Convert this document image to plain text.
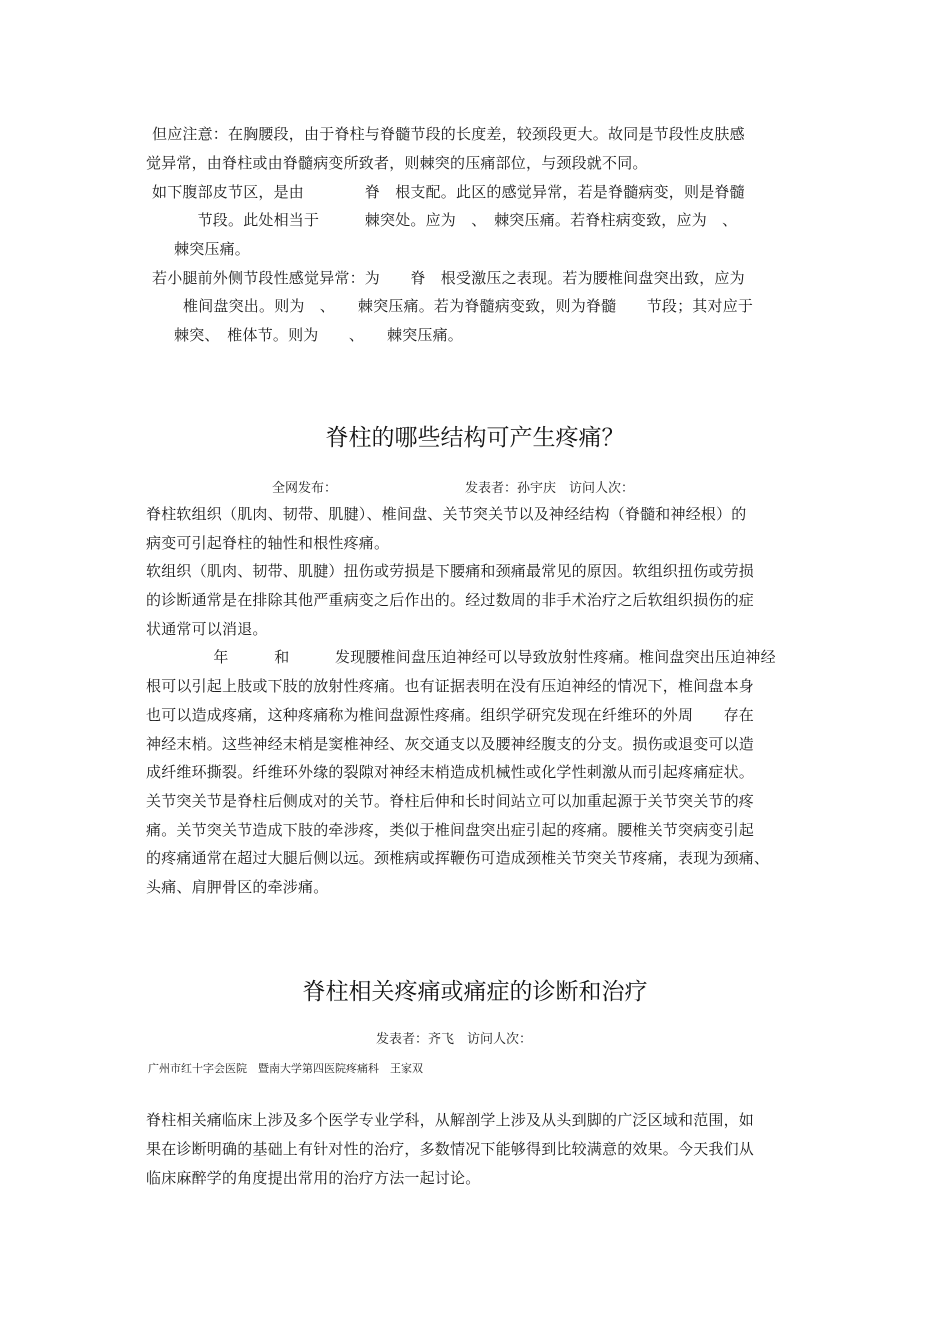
但应注意：在胸腰段，由于脊柱与脊髓节段的长度差，较颈段更大。故同是节段性皮肤感
觉异常，由脊柱或由脊髓病变所致者，则棘突的压痛部位，与颈段就不同。
如下腹部皮节区，是由　　　　脊　根支配。此区的感觉异常，若是脊髓病变，则是脊髓
　　　节段。此处相当于　　　棘突处。应为　、　棘突压痛。若脊柱病变致，应为　、
棘突压痛。
若小腿前外侧节段性感觉异常：为　　脊　根受激压之表现。若为腰椎间盘突出致，应为
椎间盘突出。则为　、　　棘突压痛。若为脊髓病变致，则为脊髓　　节段；其对应于
棘突、　椎体节。则为　　、　　棘突压痛。
脊柱的哪些结构可产生疼痛？
全网发布：	发表者：孙宇庆　访问人次：
脊柱软组织（肌肉、韧带、肌腱）、椎间盘、关节突关节以及神经结构（脊髓和神经根）的
病变可引起脊柱的轴性和根性疼痛。
软组织（肌肉、韧带、肌腱）扭伤或劳损是下腰痛和颈痛最常见的原因。软组织扭伤或劳损
的诊断通常是在排除其他严重病变之后作出的。经过数周的非手术治疗之后软组织损伤的症
状通常可以消退。
　　年　　　和　　　发现腰椎间盘压迫神经可以导致放射性疼痛。椎间盘突出压迫神经
根可以引起上肢或下肢的放射性疼痛。也有证据表明在没有压迫神经的情况下，椎间盘本身
也可以造成疼痛，这种疼痛称为椎间盘源性疼痛。组织学研究发现在纤维环的外周　　存在
神经末梢。这些神经末梢是窦椎神经、灰交通支以及腰神经腹支的分支。损伤或退变可以造
成纤维环撕裂。纤维环外缘的裂隙对神经末梢造成机械性或化学性刺激从而引起疼痛症状。
关节突关节是脊柱后侧成对的关节。脊柱后伸和长时间站立可以加重起源于关节突关节的疼
痛。关节突关节造成下肢的牵涉疼，类似于椎间盘突出症引起的疼痛。腰椎关节突病变引起
的疼痛通常在超过大腿后侧以远。颈椎病或挥鞭伤可造成颈椎关节突关节疼痛，表现为颈痛、
头痛、肩胛骨区的牵涉痛。
脊柱相关疼痛或痛症的诊断和治疗
发表者：齐飞　访问人次：
广州市红十字会医院　暨南大学第四医院疼痛科　王家双
脊柱相关痛临床上涉及多个医学专业学科，从解剖学上涉及从头到脚的广泛区域和范围，如
果在诊断明确的基础上有针对性的治疗，多数情况下能够得到比较满意的效果。今天我们从
临床麻醉学的角度提出常用的治疗方法一起讨论。
